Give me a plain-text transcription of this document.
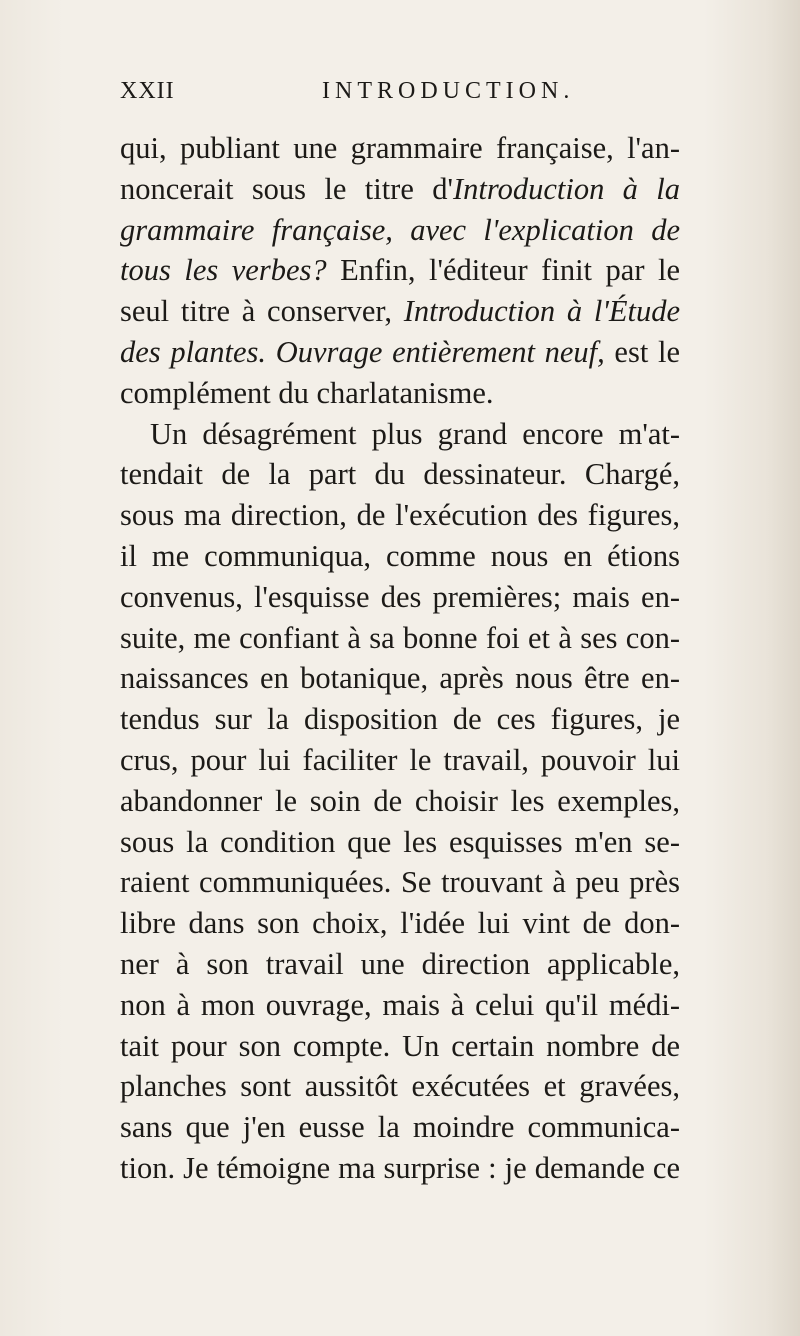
XXII	INTRODUCTION.
qui, publiant une grammaire française, l'an-
noncerait sous le titre d'Introduction à la
grammaire française, avec l'explication de
tous les verbes? Enfin, l'éditeur finit par le
seul titre à conserver, Introduction à l'Étude
des plantes. Ouvrage entièrement neuf, est le
complément du charlatanisme.
Un désagrément plus grand encore m'at-
tendait de la part du dessinateur. Chargé,
sous ma direction, de l'exécution des figures,
il me communiqua, comme nous en étions
convenus, l'esquisse des premières; mais en-
suite, me confiant à sa bonne foi et à ses con-
naissances en botanique, après nous être en-
tendus sur la disposition de ces figures, je
crus, pour lui faciliter le travail, pouvoir lui
abandonner le soin de choisir les exemples,
sous la condition que les esquisses m'en se-
raient communiquées. Se trouvant à peu près
libre dans son choix, l'idée lui vint de don-
ner à son travail une direction applicable,
non à mon ouvrage, mais à celui qu'il médi-
tait pour son compte. Un certain nombre de
planches sont aussitôt exécutées et gravées,
sans que j'en eusse la moindre communica-
tion. Je témoigne ma surprise : je demande ce
